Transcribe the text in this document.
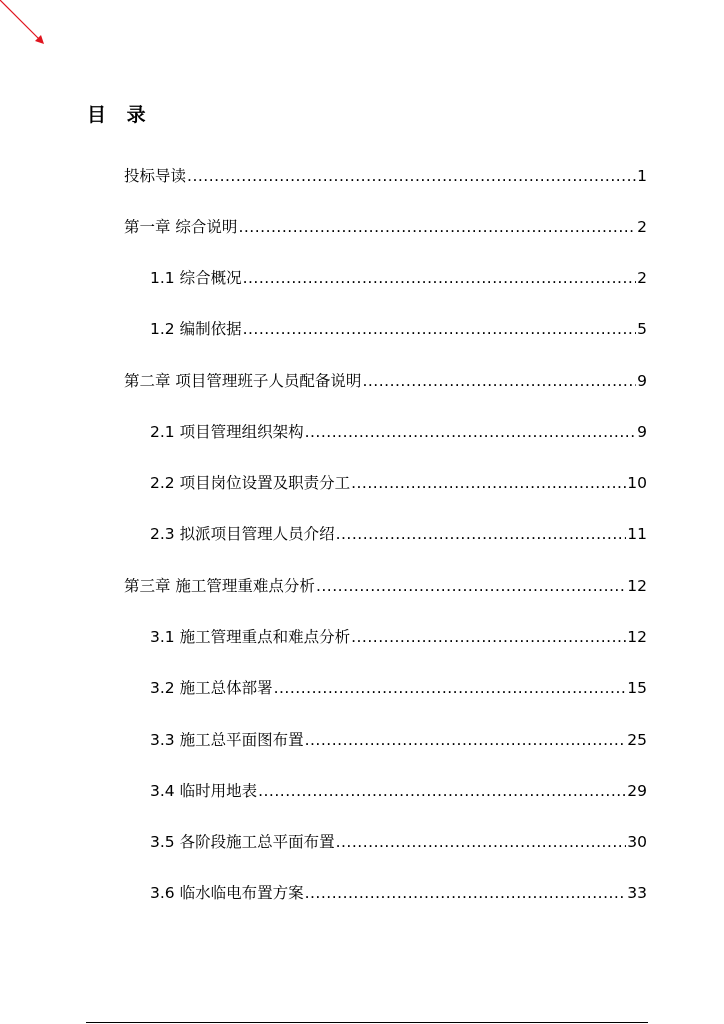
目 录
投标导读 .....	1
第一章 综合说明 .....	2
1.1 综合概况 .....	2
1.2 编制依据 .....	5
第二章 项目管理班子人员配备说明 .....	9
2.1 项目管理组织架构 .....	9
2.2 项目岗位设置及职责分工 .....	10
2.3 拟派项目管理人员介绍 .....	11
第三章 施工管理重难点分析 .....	12
3.1 施工管理重点和难点分析 .....	12
3.2 施工总体部署 .....	15
3.3 施工总平面图布置 .....	25
3.4 临时用地表 .....	29
3.5 各阶段施工总平面布置 .....	30
3.6 临水临电布置方案 .....	33
